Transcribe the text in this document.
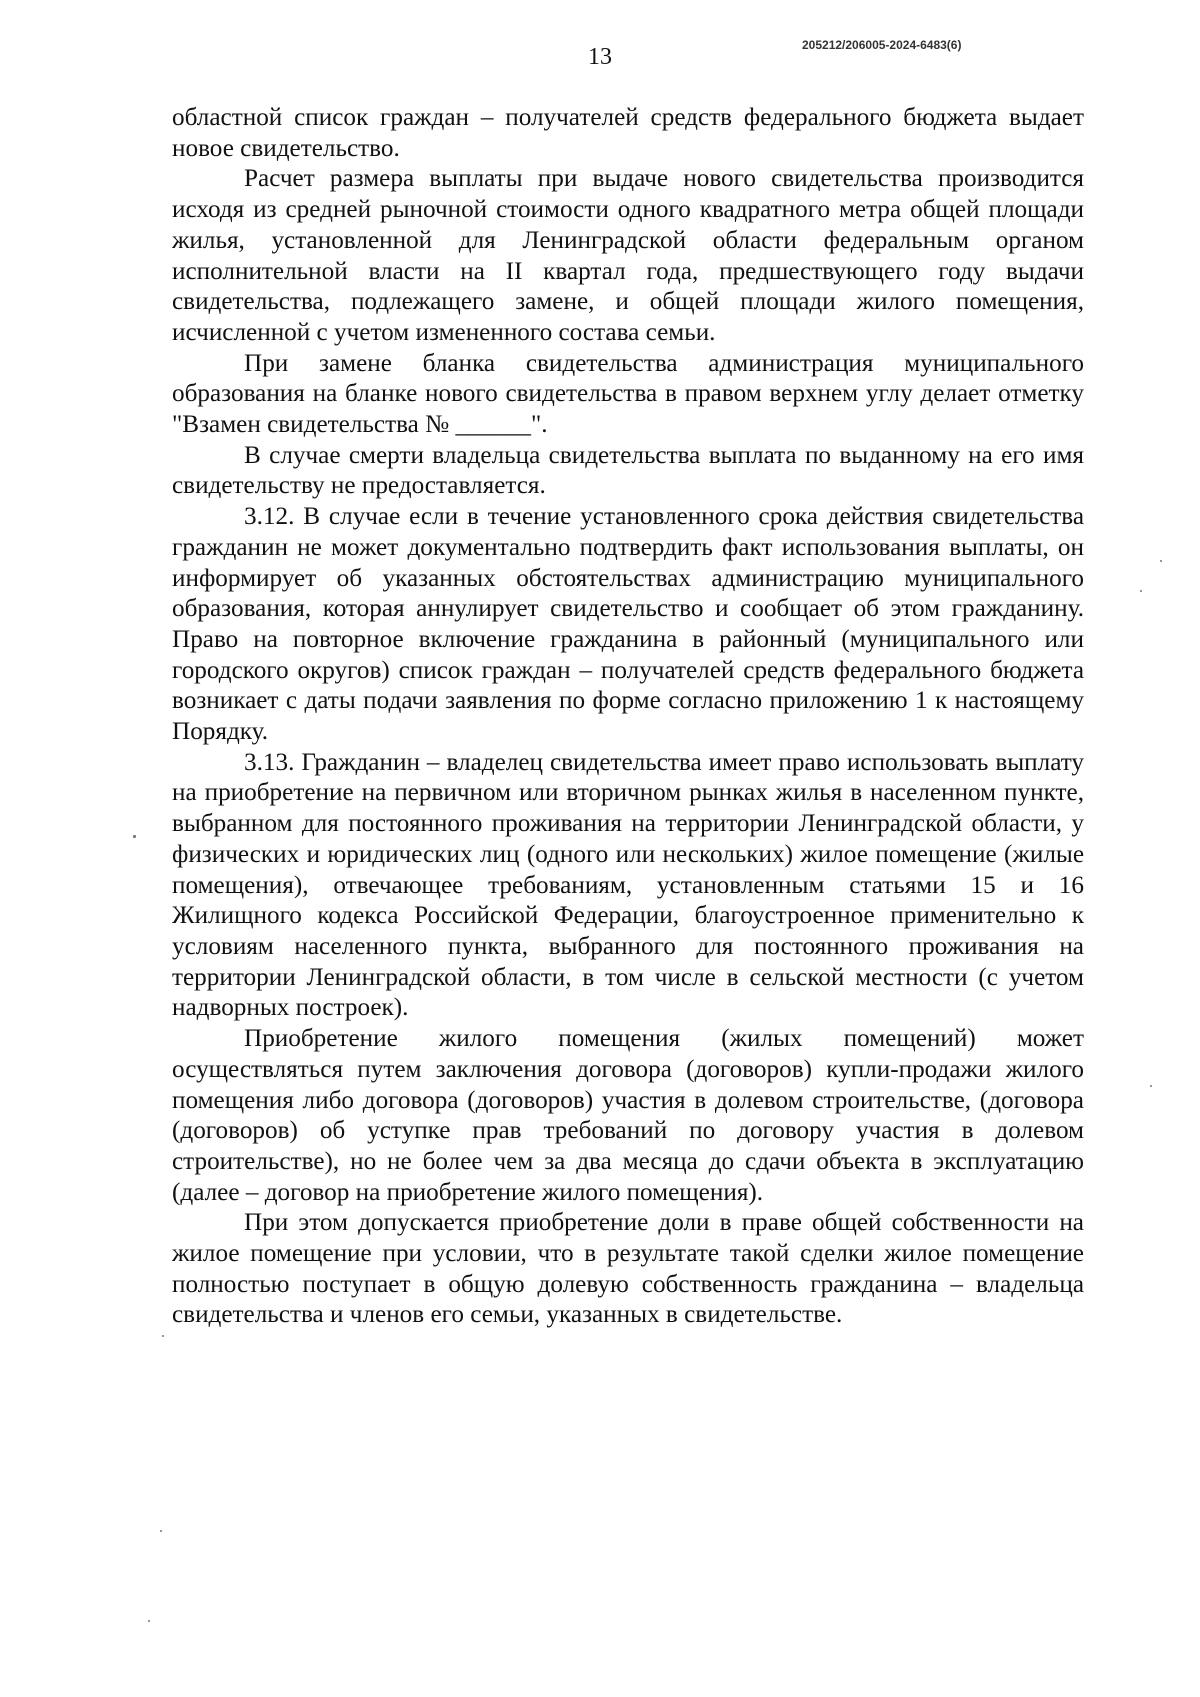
13	205212/206005-2024-6483(6)

областной список граждан – получателей средств федерального бюджета выдает новое свидетельство.

Расчет размера выплаты при выдаче нового свидетельства производится исходя из средней рыночной стоимости одного квадратного метра общей площади жилья, установленной для Ленинградской области федеральным органом исполнительной власти на II квартал года, предшествующего году выдачи свидетельства, подлежащего замене, и общей площади жилого помещения, исчисленной с учетом измененного состава семьи.

При замене бланка свидетельства администрация муниципального образования на бланке нового свидетельства в правом верхнем углу делает отметку "Взамен свидетельства № ______".

В случае смерти владельца свидетельства выплата по выданному на его имя свидетельству не предоставляется.

3.12. В случае если в течение установленного срока действия свидетельства гражданин не может документально подтвердить факт использования выплаты, он информирует об указанных обстоятельствах администрацию муниципального образования, которая аннулирует свидетельство и сообщает об этом гражданину. Право на повторное включение гражданина в районный (муниципального или городского округов) список граждан – получателей средств федерального бюджета возникает с даты подачи заявления по форме согласно приложению 1 к настоящему Порядку.

3.13. Гражданин – владелец свидетельства имеет право использовать выплату на приобретение на первичном или вторичном рынках жилья в населенном пункте, выбранном для постоянного проживания на территории Ленинградской области, у физических и юридических лиц (одного или нескольких) жилое помещение (жилые помещения), отвечающее требованиям, установленным статьями 15 и 16 Жилищного кодекса Российской Федерации, благоустроенное применительно к условиям населенного пункта, выбранного для постоянного проживания на территории Ленинградской области, в том числе в сельской местности (с учетом надворных построек).

Приобретение жилого помещения (жилых помещений) может осуществляться путем заключения договора (договоров) купли-продажи жилого помещения либо договора (договоров) участия в долевом строительстве, (договора (договоров) об уступке прав требований по договору участия в долевом строительстве), но не более чем за два месяца до сдачи объекта в эксплуатацию (далее – договор на приобретение жилого помещения).

При этом допускается приобретение доли в праве общей собственности на жилое помещение при условии, что в результате такой сделки жилое помещение полностью поступает в общую долевую собственность гражданина – владельца свидетельства и членов его семьи, указанных в свидетельстве.
